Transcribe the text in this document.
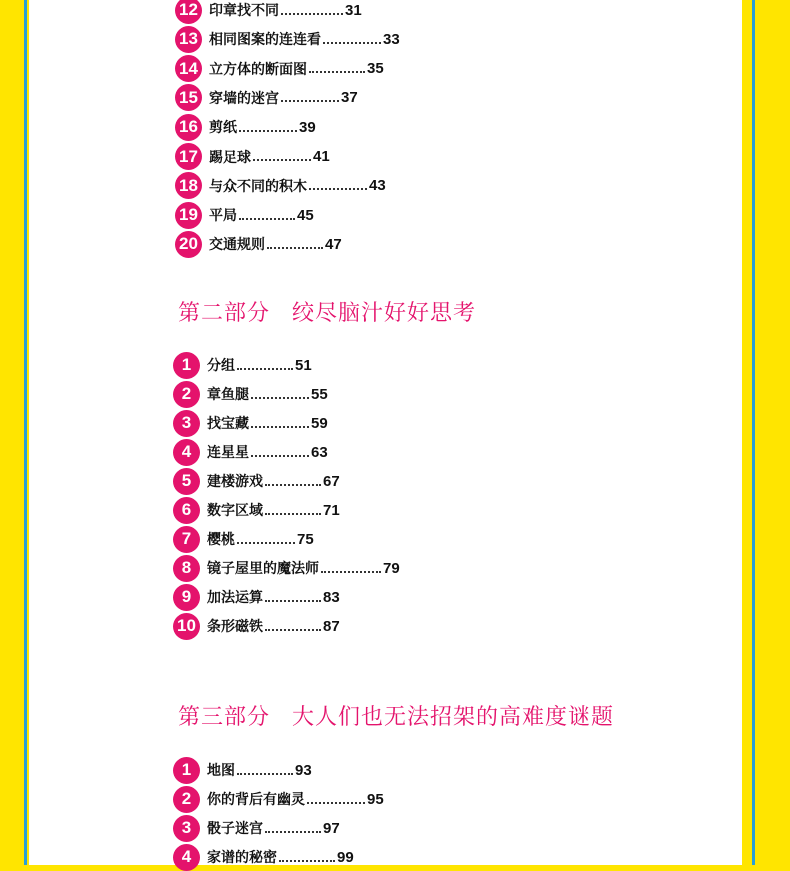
12 印章找不同	31
13 相同图案的连连看	33
14 立方体的断面图	35
15 穿墙的迷宫	37
16 剪纸	39
17 踢足球	41
18 与众不同的积木	43
19 平局	45
20 交通规则	47
第二部分 绞尽脑汁好好思考
1	分组	51
2	章鱼腿	55
3	找宝藏	59
4	连星星	63
5	建楼游戏	67
6	数字区域	71
7	樱桃	75
8	镜子屋里的魔法师	79
9	加法运算	83
10 条形磁铁	87
第三部分 大人们也无法招架的高难度谜题
1	地图	93
2	你的背后有幽灵	95
3	骰子迷宫	97
4	家谱的秘密	99
